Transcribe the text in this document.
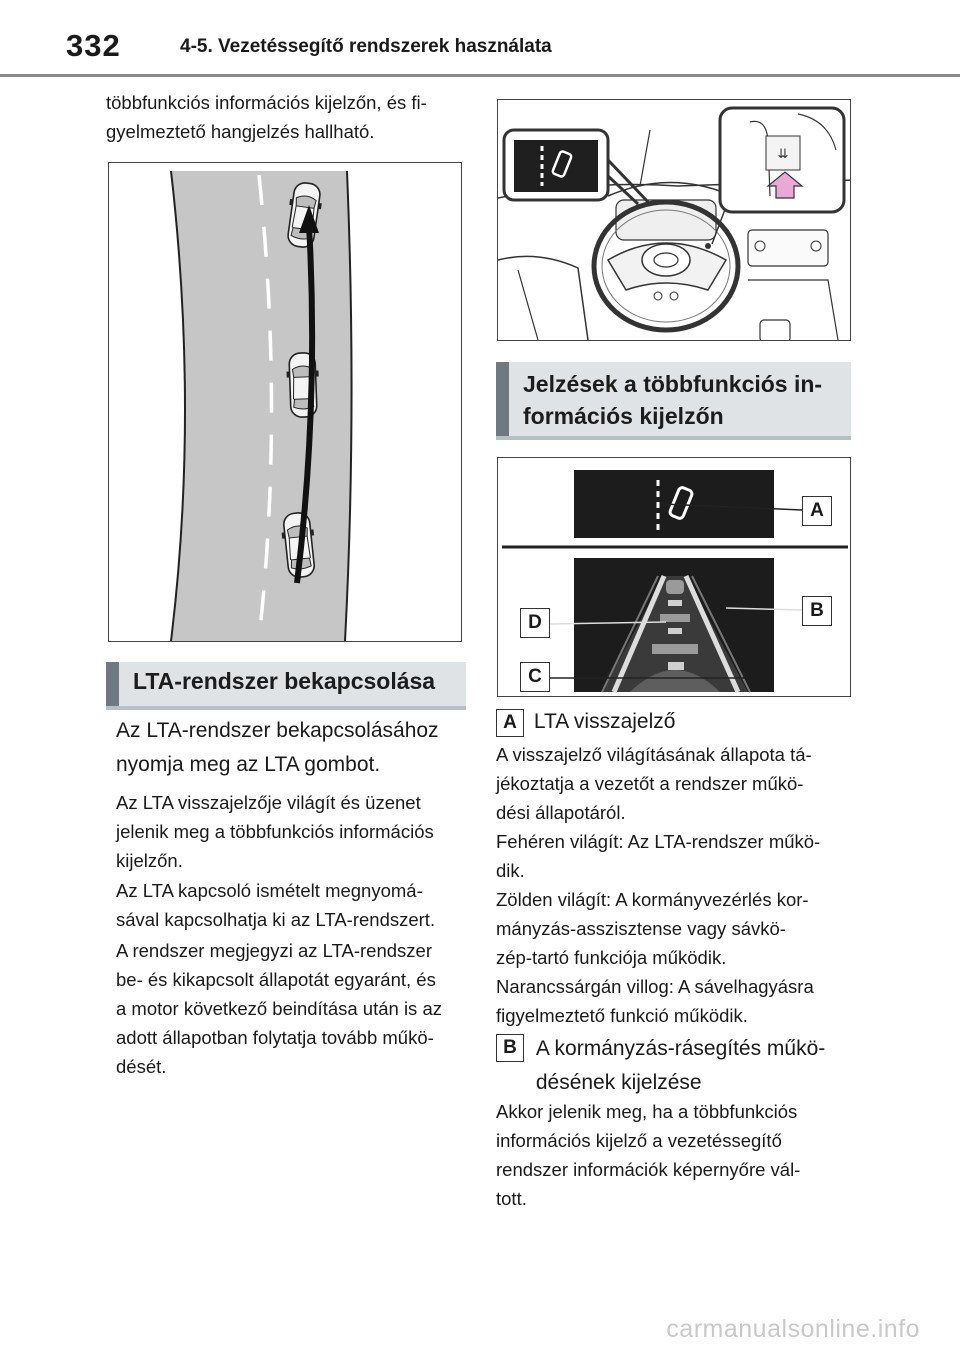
332	4-5. Vezetéssegítő rendszerek használata
többfunkciós információs kijelzőn, és fi-
gyelmeztető hangjelzés hallható.
LTA-rendszer bekapcsolása
Az LTA-rendszer bekapcsolásához
nyomja meg az LTA gombot.
Az LTA visszajelzője világít és üzenet
jelenik meg a többfunkciós információs
kijelzőn.
Az LTA kapcsoló ismételt megnyomá-
sával kapcsolhatja ki az LTA-rendszert.
A rendszer megjegyzi az LTA-rendszer
be- és kikapcsolt állapotát egyaránt, és
a motor következő beindítása után is az
adott állapotban folytatja tovább műkö-
dését.
⇊
Jelzések a többfunkciós in-
formációs kijelzőn
A
B
C
D
A LTA visszajelző
A visszajelző világításának állapota tá-
jékoztatja a vezetőt a rendszer műkö-
dési állapotáról.
Fehéren világít: Az LTA-rendszer műkö-
dik.
Zölden világít: A kormányvezérlés kor-
mányzás-asszisztense vagy sávkö-
zép-tartó funkciója működik.
Narancssárgán villog: A sávelhagyásra
figyelmeztető funkció működik.
B A kormányzás-rásegítés műkö-
désének kijelzése
Akkor jelenik meg, ha a többfunkciós
információs kijelző a vezetéssegítő
rendszer információk képernyőre vál-
tott.
carmanualsonline.info
